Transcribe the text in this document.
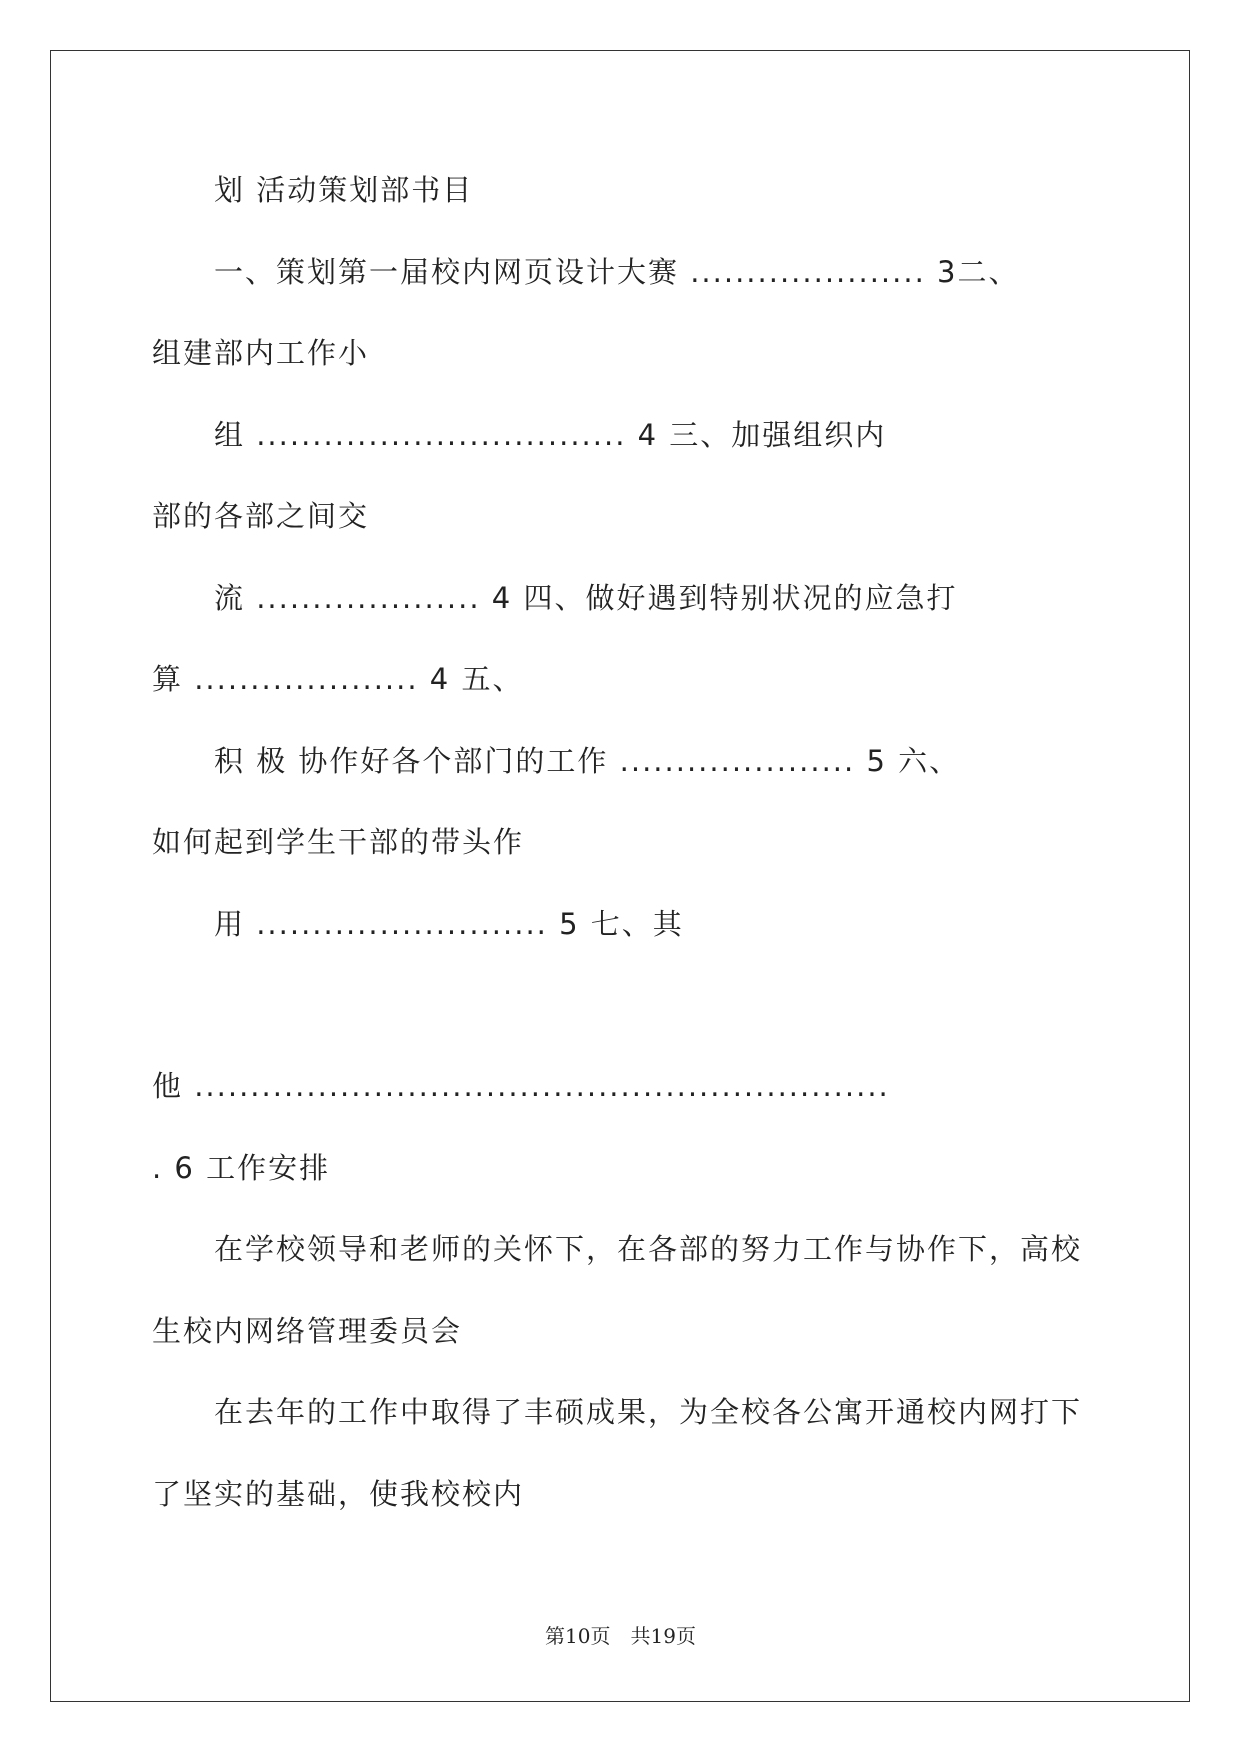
划 活动策划部书目
一、策划第一届校内网页设计大赛 ..................... 3二、
组建部内工作小
组 ................................. 4 三、加强组织内
部的各部之间交
流 .................... 4 四、做好遇到特别状况的应急打
算 .................... 4 五、
积 极 协作好各个部门的工作 ..................... 5 六、
如何起到学生干部的带头作
用 .......................... 5 七、其
他 ..............................................................
. 6 工作安排
在学校领导和老师的关怀下，在各部的努力工作与协作下，高校
生校内网络管理委员会
在去年的工作中取得了丰硕成果，为全校各公寓开通校内网打下
了坚实的基础，使我校校内
第10页　共19页
